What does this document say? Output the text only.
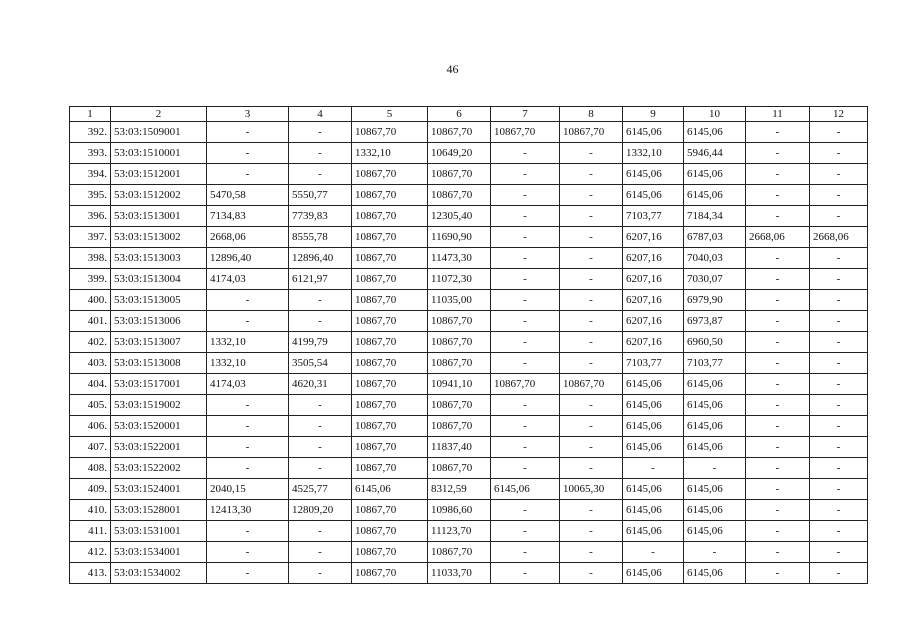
46
1	2	3	4	5	6	7	8	9	10	11	12
392.	53:03:1509001	-	-	10867,70	10867,70	10867,70	10867,70	6145,06	6145,06	-	-
393.	53:03:1510001	-	-	1332,10	10649,20	-	-	1332,10	5946,44	-	-
394.	53:03:1512001	-	-	10867,70	10867,70	-	-	6145,06	6145,06	-	-
395.	53:03:1512002	5470,58	5550,77	10867,70	10867,70	-	-	6145,06	6145,06	-	-
396.	53:03:1513001	7134,83	7739,83	10867,70	12305,40	-	-	7103,77	7184,34	-	-
397.	53:03:1513002	2668,06	8555,78	10867,70	11690,90	-	-	6207,16	6787,03	2668,06	2668,06
398.	53:03:1513003	12896,40	12896,40	10867,70	11473,30	-	-	6207,16	7040,03	-	-
399.	53:03:1513004	4174,03	6121,97	10867,70	11072,30	-	-	6207,16	7030,07	-	-
400.	53:03:1513005	-	-	10867,70	11035,00	-	-	6207,16	6979,90	-	-
401.	53:03:1513006	-	-	10867,70	10867,70	-	-	6207,16	6973,87	-	-
402.	53:03:1513007	1332,10	4199,79	10867,70	10867,70	-	-	6207,16	6960,50	-	-
403.	53:03:1513008	1332,10	3505,54	10867,70	10867,70	-	-	7103,77	7103,77	-	-
404.	53:03:1517001	4174,03	4620,31	10867,70	10941,10	10867,70	10867,70	6145,06	6145,06	-	-
405.	53:03:1519002	-	-	10867,70	10867,70	-	-	6145,06	6145,06	-	-
406.	53:03:1520001	-	-	10867,70	10867,70	-	-	6145,06	6145,06	-	-
407.	53:03:1522001	-	-	10867,70	11837,40	-	-	6145,06	6145,06	-	-
408.	53:03:1522002	-	-	10867,70	10867,70	-	-	-	-	-	-
409.	53:03:1524001	2040,15	4525,77	6145,06	8312,59	6145,06	10065,30	6145,06	6145,06	-	-
410.	53:03:1528001	12413,30	12809,20	10867,70	10986,60	-	-	6145,06	6145,06	-	-
411.	53:03:1531001	-	-	10867,70	11123,70	-	-	6145,06	6145,06	-	-
412.	53:03:1534001	-	-	10867,70	10867,70	-	-	-	-	-	-
413.	53:03:1534002	-	-	10867,70	11033,70	-	-	6145,06	6145,06	-	-
